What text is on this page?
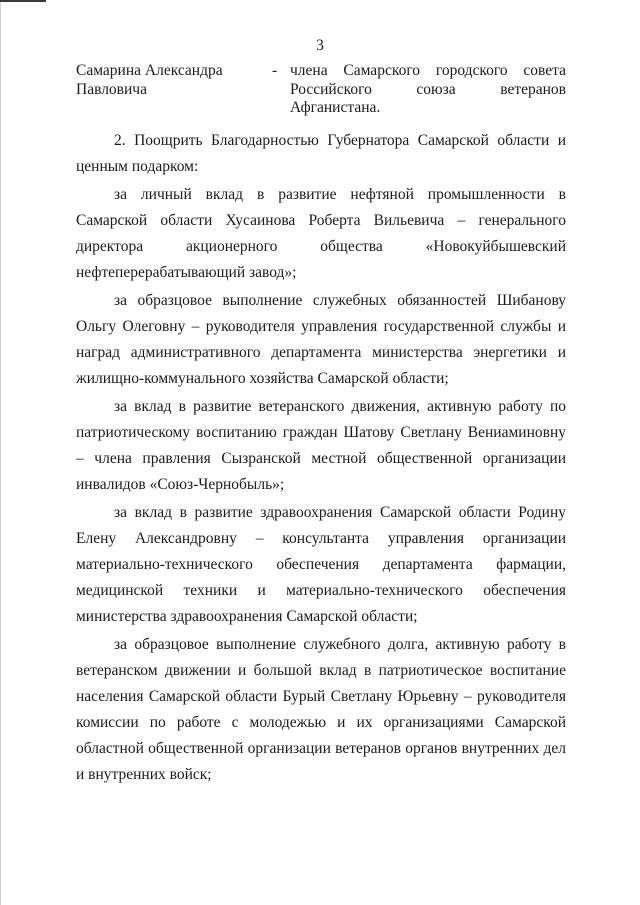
3
Самарина Александра Павловича
- члена Самарского городского совета Российского союза ветеранов Афганистана.

2. Поощрить Благодарностью Губернатора Самарской области и ценным подарком:

за личный вклад в развитие нефтяной промышленности в Самарской области Хусаинова Роберта Вильевича – генерального директора акционерного общества «Новокуйбышевский нефтеперерабатывающий завод»;

за образцовое выполнение служебных обязанностей Шибанову Ольгу Олеговну – руководителя управления государственной службы и наград административного департамента министерства энергетики и жилищно-коммунального хозяйства Самарской области;

за вклад в развитие ветеранского движения, активную работу по патриотическому воспитанию граждан Шатову Светлану Вениаминовну – члена правления Сызранской местной общественной организации инвалидов «Союз-Чернобыль»;

за вклад в развитие здравоохранения Самарской области Родину Елену Александровну – консультанта управления организации материально-технического обеспечения департамента фармации, медицинской техники и материально-технического обеспечения министерства здравоохранения Самарской области;

за образцовое выполнение служебного долга, активную работу в ветеранском движении и большой вклад в патриотическое воспитание населения Самарской области Бурый Светлану Юрьевну – руководителя комиссии по работе с молодежью и их организациями Самарской областной общественной организации ветеранов органов внутренних дел и внутренних войск;
